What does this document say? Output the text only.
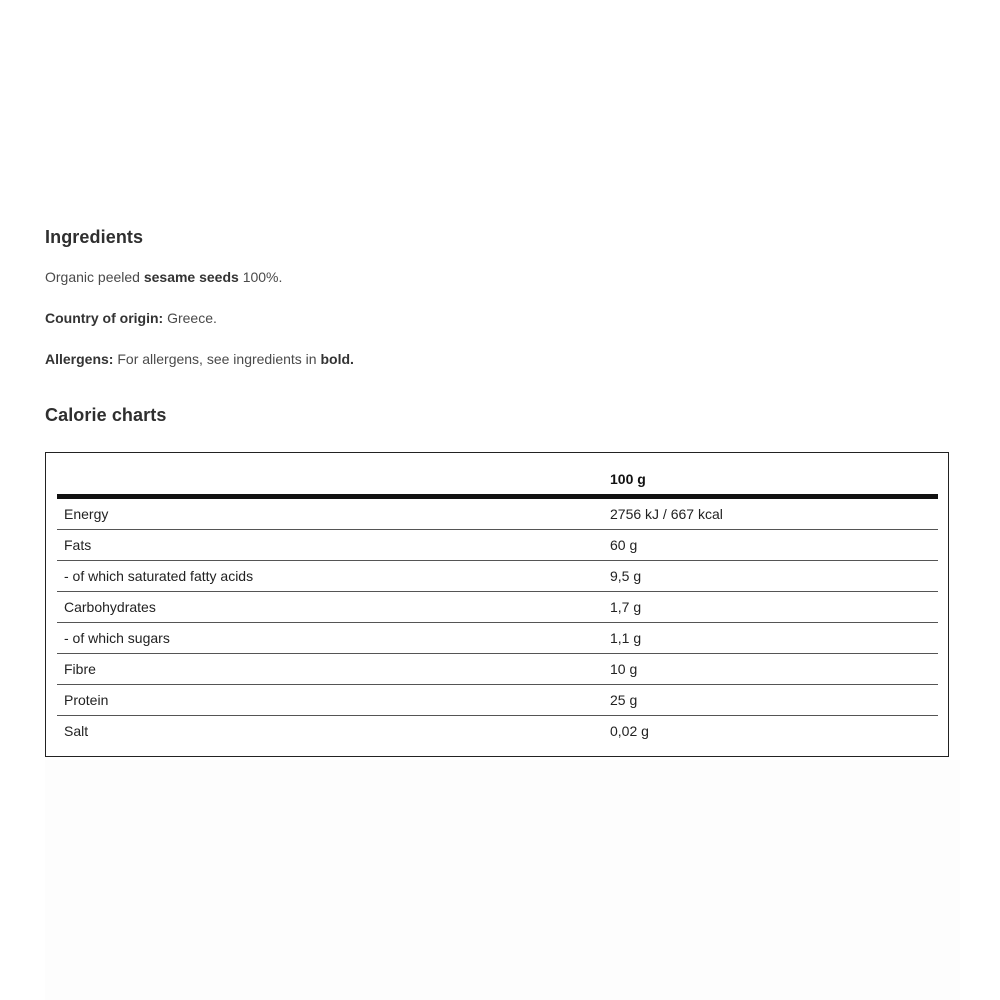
Ingredients

Organic peeled sesame seeds 100%.

Country of origin: Greece.

Allergens: For allergens, see ingredients in bold.

Calorie charts
100 g
Energy	2756 kJ / 667 kcal
Fats	60 g
- of which saturated fatty acids	9,5 g
Carbohydrates	1,7 g
- of which sugars	1,1 g
Fibre	10 g
Protein	25 g
Salt	0,02 g
